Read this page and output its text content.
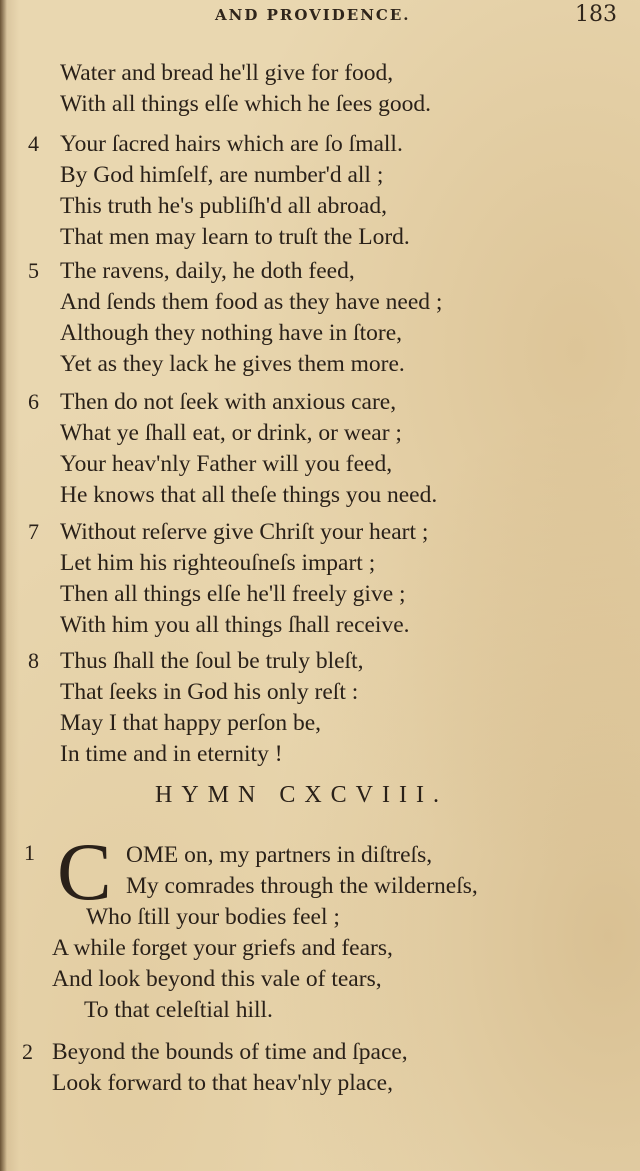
AND PROVIDENCE.	183
Water and bread he'll give for food,
With all things elſe which he ſees good.
4 Your ſacred hairs which are ſo ſmall.
By God himſelf, are number'd all ;
This truth he's publiſh'd all abroad,
That men may learn to truſt the Lord.
5 The ravens, daily, he doth feed,
And ſends them food as they have need ;
Although they nothing have in ſtore,
Yet as they lack he gives them more.
6 Then do not ſeek with anxious care,
What ye ſhall eat, or drink, or wear ;
Your heav'nly Father will you feed,
He knows that all theſe things you need.
7 Without reſerve give Chriſt your heart ;
Let him his righteouſneſs impart ;
Then all things elſe he'll freely give ;
With him you all things ſhall receive.
8 Thus ſhall the ſoul be truly bleſt,
That ſeeks in God his only reſt :
May I that happy perſon be,
In time and in eternity !
HYMN CXCVIII.
1 C OME on, my partners in diſtreſs,
My comrades through the wilderneſs,
Who ſtill your bodies feel ;
A while forget your griefs and fears,
And look beyond this vale of tears,
To that celeſtial hill.
2 Beyond the bounds of time and ſpace,
Look forward to that heav'nly place,
